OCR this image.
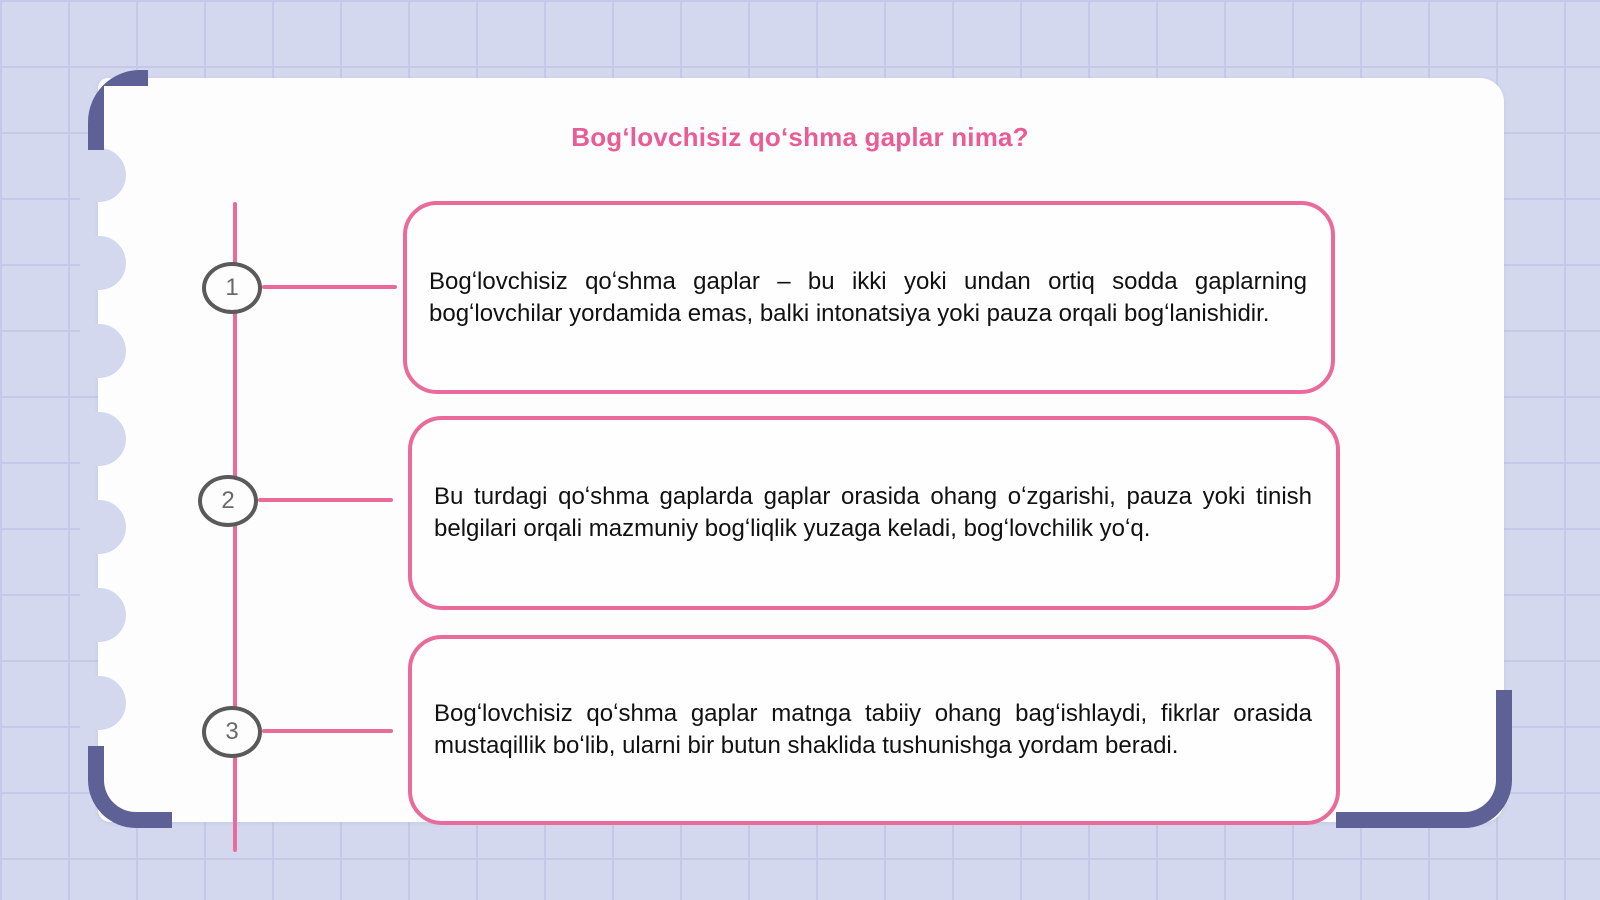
Bogʻlovchisiz qoʻshma gaplar nima?
1
2
3

Bogʻlovchisiz qoʻshma gaplar – bu ikki yoki undan ortiq sodda gaplarning bogʻlovchilar yordamida emas, balki intonatsiya yoki pauza orqali bogʻlanishidir.

Bu turdagi qoʻshma gaplarda gaplar orasida ohang oʻzgarishi, pauza yoki tinish belgilari orqali mazmuniy bogʻliqlik yuzaga keladi, bogʻlovchilik yoʻq.

Bogʻlovchisiz qoʻshma gaplar matnga tabiiy ohang bagʻishlaydi, fikrlar orasida mustaqillik boʻlib, ularni bir butun shaklida tushunishga yordam beradi.
